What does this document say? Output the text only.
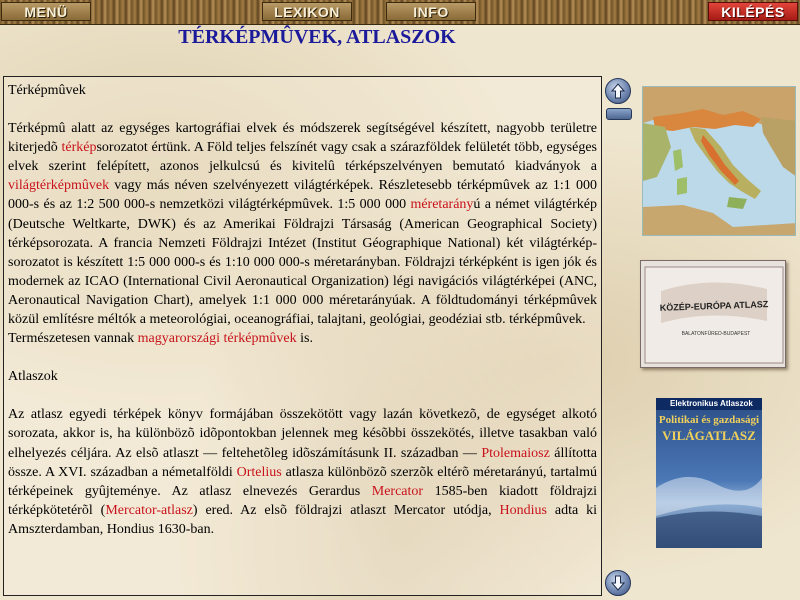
MENÜ	LEXIKON	INFO	KILÉPÉS
TÉRKÉPMÛVEK, ATLASZOK

Térképmûvek

Térképmû alatt az egységes kartográfiai elvek és módszerek segítségével készített, nagyobb területre kiterjedõ térképsorozatot értünk. A Föld teljes felszínét vagy csak a szárazföldek felületét több, egységes elvek szerint felépített, azonos jelkulcsú és kivitelû térképszelvényen bemutató kiadványok a világtérképmûvek vagy más néven szelvényezett világtérképek. Részletesebb térképmûvek az 1:1 000 000-s és az 1:2 500 000-s nemzetközi világtérképmûvek. 1:5 000 000 méretarányú a német világtérkép (Deutsche Weltkarte, DWK) és az Amerikai Földrajzi Társaság (American Geographical Society) térképsorozata. A francia Nemzeti Földrajzi Intézet (Institut Géographique National) két világtérkép-sorozatot is készített 1:5 000 000-s és 1:10 000 000-s méretarányban. Földrajzi térképként is igen jók és modernek az ICAO (International Civil Aeronautical Organization) légi navigációs világtérképei (ANC, Aeronautical Navigation Chart), amelyek 1:1 000 000 méretarányúak. A földtudományi térképmûvek közül említésre méltók a meteorológiai, oceanográfiai, talajtani, geológiai, geodéziai stb. térképmûvek.

Természetesen vannak magyarországi térképmûvek is.

Atlaszok

Az atlasz egyedi térképek könyv formájában összekötött vagy lazán következõ, de egységet alkotó sorozata, akkor is, ha különbözõ idõpontokban jelennek meg késõbbi összekötés, illetve tasakban való elhelyezés céljára. Az elsõ atlaszt — feltehetõleg idõszámításunk II. században — Ptolemaiosz állította össze. A XVI. században a németalföldi Ortelius atlasza különbözõ szerzõk eltérõ méretarányú, tartalmú térképeinek gyûjteménye. Az atlasz elnevezés Gerardus Mercator 1585-ben kiadott földrajzi térképkötetérõl (Mercator-atlasz) ered. Az elsõ földrajzi atlaszt Mercator utódja, Hondius adta ki Amszterdamban, Hondius 1630-ban.

KÖZÉP-EURÓPA ATLASZ
BALATONFÜRED-BUDAPEST
Elektronikus Atlaszok
Politikai és gazdasági
VILÁGATLASZ
